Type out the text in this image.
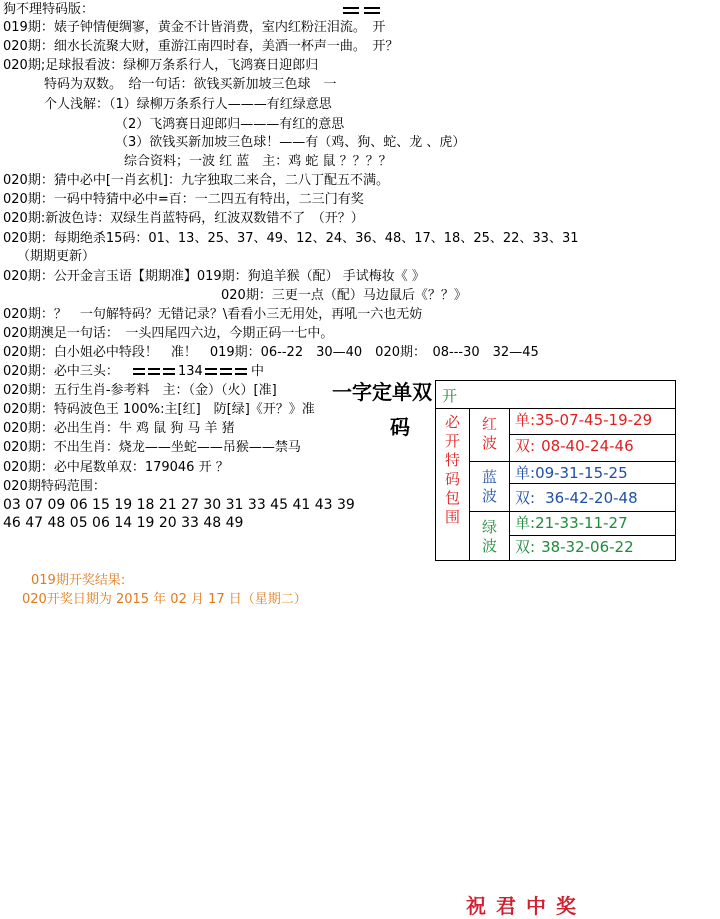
狗不理特码版：
019期：婊子钟情便绸寥，黄金不计皆消费，室内红粉汪泪流。　开
020期：细水长流聚大财，重游江南四时春，美酒一杯声一曲。　开？
020期;足球报看波：绿柳万条系行人，飞鸿赛日迎郎归
特码为双数。　给一句话：欲钱买新加坡三色球　一
个人浅解：（1）绿柳万条系行人———有红绿意思
（2）飞鸿赛日迎郎归———有红的意思
（3）欲钱买新加坡三色球！——有（鸡、狗、蛇、龙 、虎）
综合资料；一波 红 蓝　主：鸡 蛇 鼠 ？？？？
020期：猜中必中[一肖玄机]：九字独取二来合，二八丁配五不满。
020期：一码中特猜中必中=百：一二四五有特出，二三门有奖
020期:新波色诗：双绿生肖蓝特码，红波双数错不了　（开？）
020期：每期绝杀15码：01、13、25、37、49、12、24、36、48、17、18、25、22、33、31
（期期更新）
020期：公开金言玉语【期期准】019期：狗追羊猴（配） 手试梅妆《 》
020期：三更一点（配）马边鼠后《？？》
020期：？　一句解特码？无错记录？\看看小三无用处，再吼一六也无妨
020期澳足一句话：　一头四尾四六边，今期正码一七中。
020期：白小姐必中特段！　准！　019期：06--22　30—40　020期：　08---30　32—45
020期：必中三头：	134	中
020期：五行生肖-参考料　主：（金）（火）[准]
020期：特码波色王 100%:主[红]　防[绿]《开？》准
020期：必出生肖：牛 鸡 鼠 狗 马 羊 猪
020期：不出生肖：烧龙——坐蛇——吊猴——禁马
020期：必中尾数单双：179046 开 ？
020期特码范围：
03 07 09 06 15 19 18 21 27 30 31 33 45 41 43 39
46 47 48 05 06 14 19 20 33 48 49
一字定单双
码
开
必开特码包围
红波
单:35-07-45-19-29
双: 08-40-24-46
蓝波
单:09-31-15-25
双: 36-42-20-48
绿波
单:21-33-11-27
双: 38-32-06-22
019期开奖结果:
020开奖日期为 2015 年 02 月 17 日（星期二）
祝君中奖
